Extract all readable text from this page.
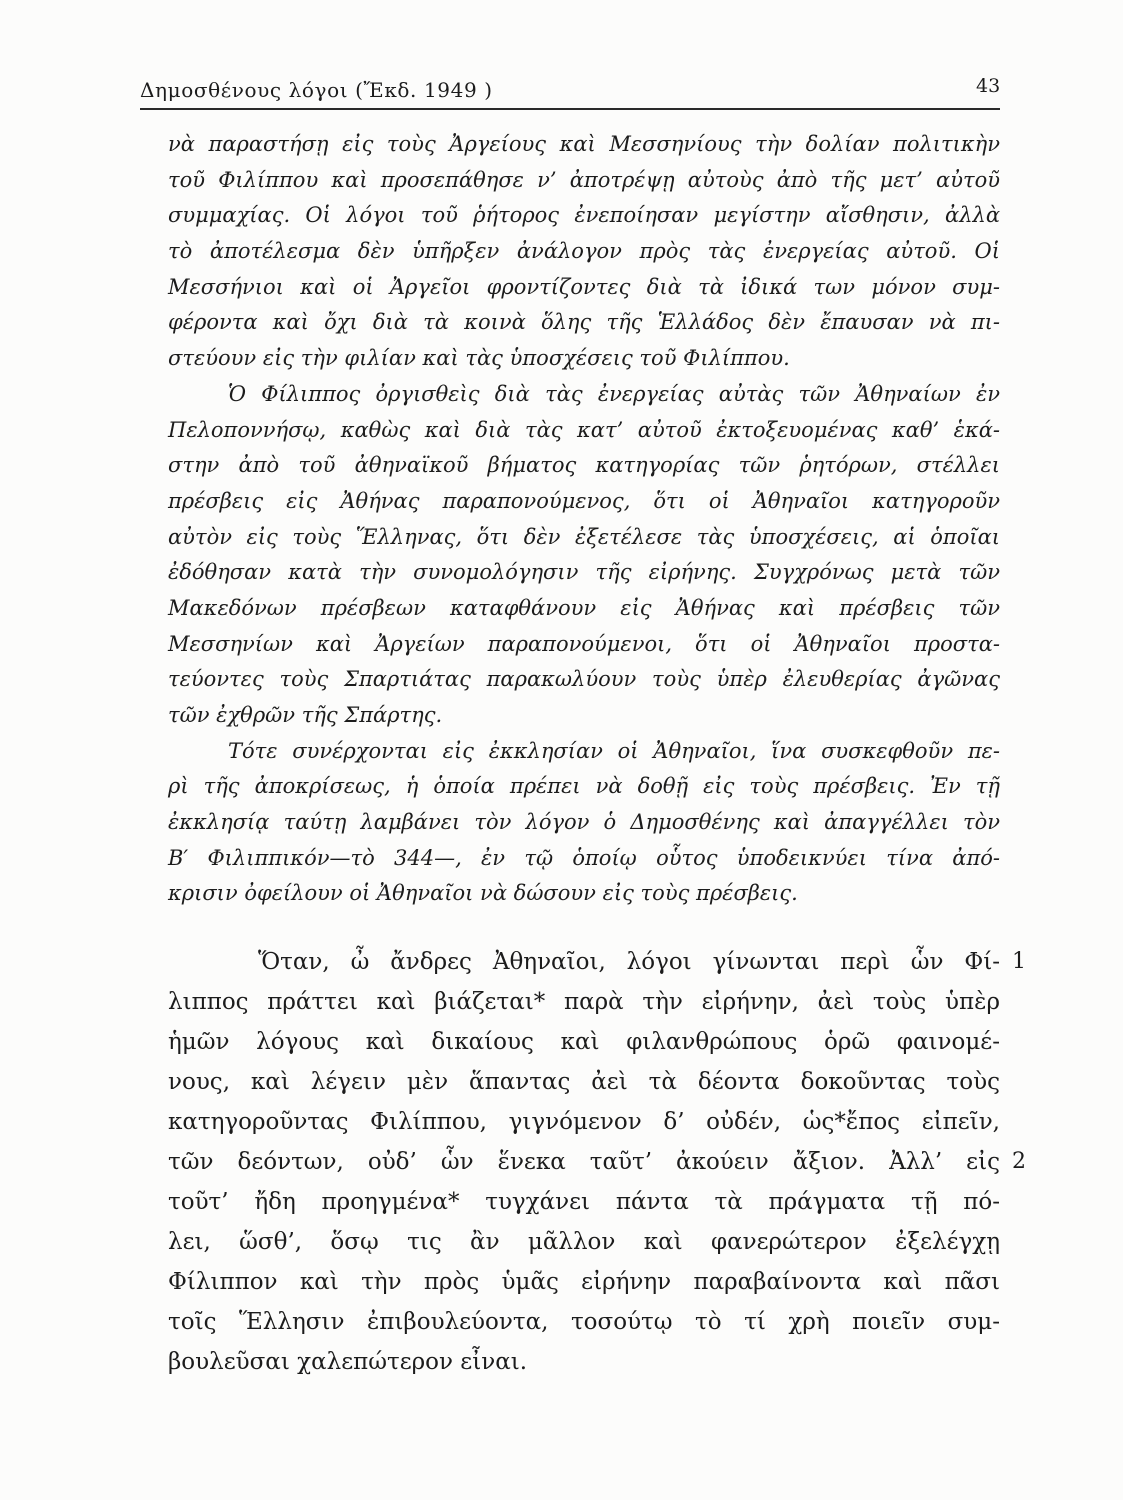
Δημοσθένους λόγοι (Ἔκδ. 1949 )	43
νὰ παραστήσῃ εἰς τοὺς Ἀργείους καὶ Μεσσηνίους τὴν δολίαν πολιτικὴν
τοῦ Φιλίππου καὶ προσεπάθησε ν’ ἀποτρέψῃ αὐτοὺς ἀπὸ τῆς μετ’ αὐτοῦ
συμμαχίας. Οἱ λόγοι τοῦ ῥήτορος ἐνεποίησαν μεγίστην αἴσθησιν, ἀλλὰ
τὸ ἀποτέλεσμα δὲν ὑπῆρξεν ἀνάλογον πρὸς τὰς ἐνεργείας αὐτοῦ. Οἱ
Μεσσήνιοι καὶ οἱ Ἀργεῖοι φροντίζοντες διὰ τὰ ἰδικά των μόνον συμ-
φέροντα καὶ ὄχι διὰ τὰ κοινὰ ὅλης τῆς Ἑλλάδος δὲν ἔπαυσαν νὰ πι-
στεύουν εἰς τὴν φιλίαν καὶ τὰς ὑποσχέσεις τοῦ Φιλίππου.
Ὁ Φίλιππος ὀργισθεὶς διὰ τὰς ἐνεργείας αὐτὰς τῶν Ἀθηναίων ἐν
Πελοποννήσῳ, καθὼς καὶ διὰ τὰς κατ’ αὐτοῦ ἐκτοξευομένας καθ’ ἑκά-
στην ἀπὸ τοῦ ἀθηναϊκοῦ βήματος κατηγορίας τῶν ῥητόρων, στέλλει
πρέσβεις εἰς Ἀθήνας παραπονούμενος, ὅτι οἱ Ἀθηναῖοι κατηγοροῦν
αὐτὸν εἰς τοὺς Ἕλληνας, ὅτι δὲν ἐξετέλεσε τὰς ὑποσχέσεις, αἱ ὁποῖαι
ἐδόθησαν κατὰ τὴν συνομολόγησιν τῆς εἰρήνης. Συγχρόνως μετὰ τῶν
Μακεδόνων πρέσβεων καταφθάνουν εἰς Ἀθήνας καὶ πρέσβεις τῶν
Μεσσηνίων καὶ Ἀργείων παραπονούμενοι, ὅτι οἱ Ἀθηναῖοι προστα-
τεύοντες τοὺς Σπαρτιάτας παρακωλύουν τοὺς ὑπὲρ ἐλευθερίας ἀγῶνας
τῶν ἐχθρῶν τῆς Σπάρτης.
Τότε συνέρχονται εἰς ἐκκλησίαν οἱ Ἀθηναῖοι, ἵνα συσκεφθοῦν πε-
ρὶ τῆς ἀποκρίσεως, ἡ ὁποία πρέπει νὰ δοθῇ εἰς τοὺς πρέσβεις. Ἐν τῇ
ἐκκλησίᾳ ταύτῃ λαμβάνει τὸν λόγον ὁ Δημοσθένης καὶ ἀπαγγέλλει τὸν
Β′ Φιλιππικόν—τὸ 344—, ἐν τῷ ὁποίῳ οὗτος ὑποδεικνύει τίνα ἀπό-
κρισιν ὀφείλουν οἱ Ἀθηναῖοι νὰ δώσουν εἰς τοὺς πρέσβεις.
Ὅταν, ὦ ἄνδρες Ἀθηναῖοι, λόγοι γίνωνται περὶ ὧν Φί-
λιππος πράττει καὶ βιάζεται* παρὰ τὴν εἰρήνην, ἀεὶ τοὺς ὑπὲρ
ἡμῶν λόγους καὶ δικαίους καὶ φιλανθρώπους ὁρῶ φαινομέ-
νους, καὶ λέγειν μὲν ἅπαντας ἀεὶ τὰ δέοντα δοκοῦντας τοὺς
κατηγοροῦντας Φιλίππου, γιγνόμενον δ’ οὐδέν, ὡς*ἔπος εἰπεῖν,
τῶν δεόντων, οὐδ’ ὧν ἕνεκα ταῦτ’ ἀκούειν ἄξιον. Ἀλλ’ εἰς
τοῦτ’ ἤδη προηγμένα* τυγχάνει πάντα τὰ πράγματα τῇ πό-
λει, ὥσθ’, ὅσῳ τις ἂν μᾶλλον καὶ φανερώτερον ἐξελέγχῃ
Φίλιππον καὶ τὴν πρὸς ὑμᾶς εἰρήνην παραβαίνοντα καὶ πᾶσι
τοῖς Ἕλλησιν ἐπιβουλεύοντα, τοσούτῳ τὸ τί χρὴ ποιεῖν συμ-
βουλεῦσαι χαλεπώτερον εἶναι.
1
2
